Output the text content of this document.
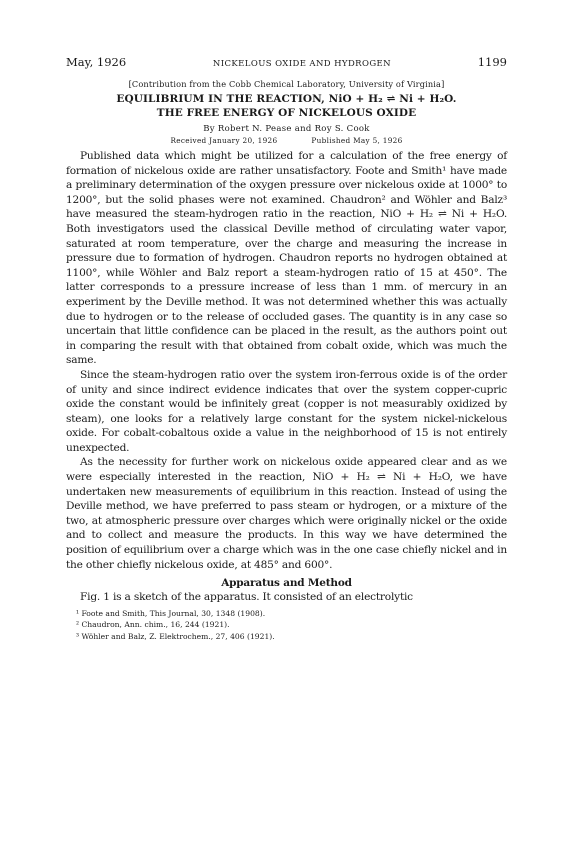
May, 1926	NICKELOUS OXIDE AND HYDROGEN	1199
[Contribution from the Cobb Chemical Laboratory, University of Virginia]
EQUILIBRIUM IN THE REACTION, NiO + H₂ ⇌ Ni + H₂O.
THE FREE ENERGY OF NICKELOUS OXIDE
By Robert N. Pease and Roy S. Cook
Received January 20, 1926	Published May 5, 1926

Published data which might be utilized for a calculation of the free energy of formation of nickelous oxide are rather unsatisfactory. Foote and Smith¹ have made a preliminary determination of the oxygen pressure over nickelous oxide at 1000° to 1200°, but the solid phases were not examined. Chaudron² and Wöhler and Balz³ have measured the steam-hydrogen ratio in the reaction, NiO + H₂ ⇌ Ni + H₂O. Both investigators used the classical Deville method of circulating water vapor, saturated at room temperature, over the charge and measuring the increase in pressure due to formation of hydrogen. Chaudron reports no hydrogen obtained at 1100°, while Wöhler and Balz report a steam-hydrogen ratio of 15 at 450°. The latter corresponds to a pressure increase of less than 1 mm. of mercury in an experiment by the Deville method. It was not determined whether this was actually due to hydrogen or to the release of occluded gases. The quantity is in any case so uncertain that little confidence can be placed in the result, as the authors point out in comparing the result with that obtained from cobalt oxide, which was much the same.

Since the steam-hydrogen ratio over the system iron-ferrous oxide is of the order of unity and since indirect evidence indicates that over the system copper-cupric oxide the constant would be infinitely great (copper is not measurably oxidized by steam), one looks for a relatively large constant for the system nickel-nickelous oxide. For cobalt-cobaltous oxide a value in the neighborhood of 15 is not entirely unexpected.

As the necessity for further work on nickelous oxide appeared clear and as we were especially interested in the reaction, NiO + H₂ ⇌ Ni + H₂O, we have undertaken new measurements of equilibrium in this reaction. Instead of using the Deville method, we have preferred to pass steam or hydrogen, or a mixture of the two, at atmospheric pressure over charges which were originally nickel or the oxide and to collect and measure the products. In this way we have determined the position of equilibrium over a charge which was in the one case chiefly nickel and in the other chiefly nickelous oxide, at 485° and 600°.

Apparatus and Method

Fig. 1 is a sketch of the apparatus. It consisted of an electrolytic

¹ Foote and Smith, This Journal, 30, 1348 (1908).
² Chaudron, Ann. chim., 16, 244 (1921).
³ Wöhler and Balz, Z. Elektrochem., 27, 406 (1921).
